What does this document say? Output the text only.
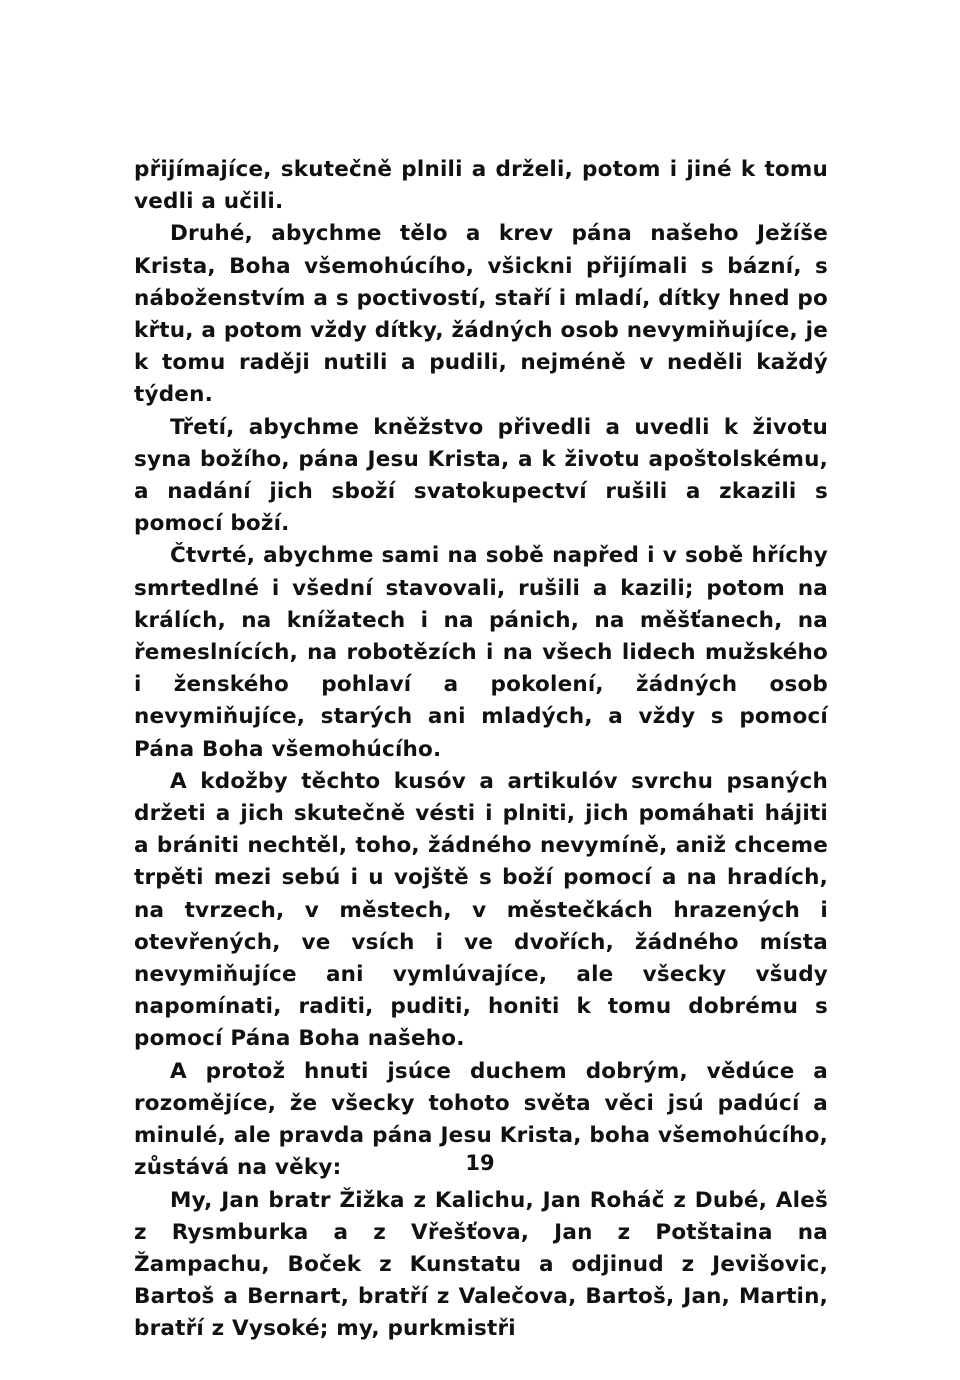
přijímajíce, skutečně plnili a drželi, potom i jiné k tomu vedli a učili.

Druhé, abychme tělo a krev pána našeho Ježíše Krista, Boha všemohúcího, všickni přijímali s bázní, s náboženstvím a s poctivostí, staří i mladí, dítky hned po křtu, a potom vždy dítky, žádných osob nevymiňujíce, je k tomu raději nutili a pudili, nejméně v neděli každý týden.

Třetí, abychme kněžstvo přivedli a uvedli k životu syna božího, pána Jesu Krista, a k životu apoštolskému, a nadání jich sboží svatokupectví rušili a zkazili s pomocí boží.

Čtvrté, abychme sami na sobě napřed i v sobě hříchy smrtedlné i všední stavovali, rušili a kazili; potom na králích, na knížatech i na pánich, na měšťanech, na řemeslnících, na robotězích i na všech lidech mužského i ženského pohlaví a pokolení, žádných osob nevymiňujíce, starých ani mladých, a vždy s pomocí Pána Boha všemohúcího.

A kdožby těchto kusóv a artikulóv svrchu psaných držeti a jich skutečně vésti i plniti, jich pomáhati hájiti a brániti nechtěl, toho, žádného nevymíně, aniž chceme trpěti mezi sebú i u vojště s boží pomocí a na hradích, na tvrzech, v městech, v městečkách hrazených i otevřených, ve vsích i ve dvořích, žádného místa nevymiňujíce ani vymlúvajíce, ale všecky všudy napomínati, raditi, puditi, honiti k tomu dobrému s pomocí Pána Boha našeho.

A protož hnuti jsúce duchem dobrým, vědúce a rozomějíce, že všecky tohoto světa věci jsú padúcí a minulé, ale pravda pána Jesu Krista, boha všemohúcího, zůstává na věky:

My, Jan bratr Žižka z Kalichu, Jan Roháč z Dubé, Aleš z Rysmburka a z Vřešťova, Jan z Potštaina na Žampachu, Boček z Kunstatu a odjinud z Jevišovic, Bartoš a Bernart, bratří z Valečova, Bartoš, Jan, Martin, bratří z Vysoké; my, purkmistři

19
